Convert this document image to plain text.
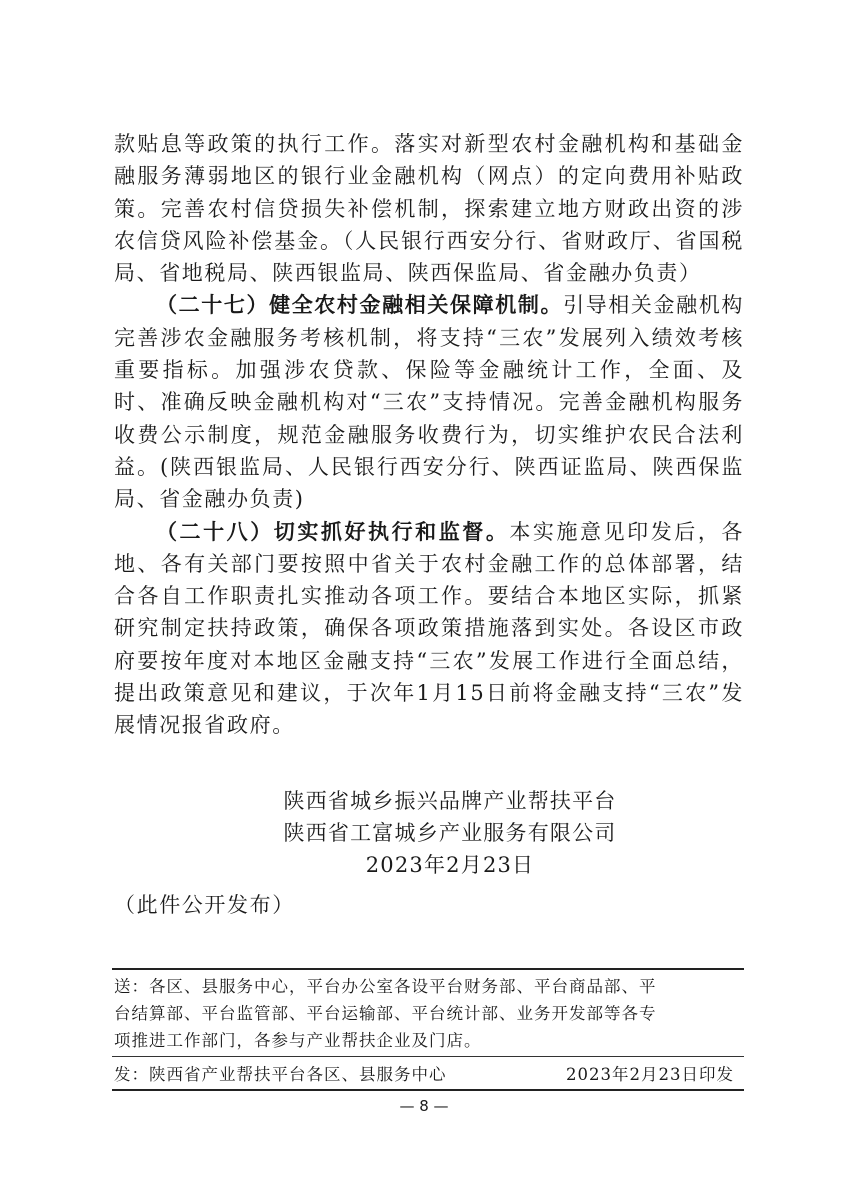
款贴息等政策的执行工作。落实对新型农村金融机构和基础金融服务薄弱地区的银行业金融机构（网点）的定向费用补贴政策。完善农村信贷损失补偿机制，探索建立地方财政出资的涉农信贷风险补偿基金。（人民银行西安分行、省财政厅、省国税局、省地税局、陕西银监局、陕西保监局、省金融办负责）

（二十七）健全农村金融相关保障机制。引导相关金融机构完善涉农金融服务考核机制，将支持“三农”发展列入绩效考核重要指标。加强涉农贷款、保险等金融统计工作，全面、及时、准确反映金融机构对“三农”支持情况。完善金融机构服务收费公示制度，规范金融服务收费行为，切实维护农民合法利益。(陕西银监局、人民银行西安分行、陕西证监局、陕西保监局、省金融办负责)

（二十八）切实抓好执行和监督。本实施意见印发后，各地、各有关部门要按照中省关于农村金融工作的总体部署，结合各自工作职责扎实推动各项工作。要结合本地区实际，抓紧研究制定扶持政策，确保各项政策措施落到实处。各设区市政府要按年度对本地区金融支持“三农”发展工作进行全面总结，提出政策意见和建议，于次年1月15日前将金融支持“三农”发展情况报省政府。

陕西省城乡振兴品牌产业帮扶平台
陕西省工富城乡产业服务有限公司
2023年2月23日
（此件公开发布）

送：各区、县服务中心，平台办公室各设平台财务部、平台商品部、平

台结算部、平台监管部、平台运输部、平台统计部、业务开发部等各专

项推进工作部门，各参与产业帮扶企业及门店。

发：陕西省产业帮扶平台各区、县服务中心	2023年2月23日印发
— 8 —
